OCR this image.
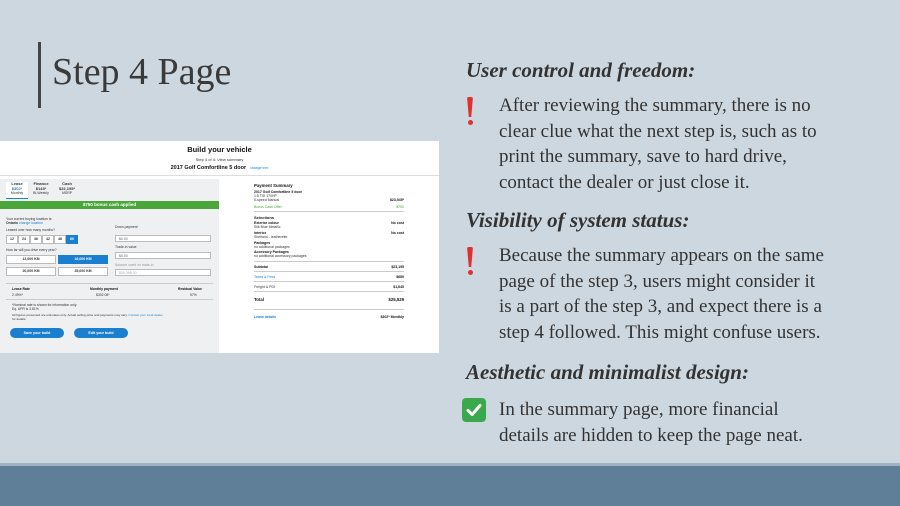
Step 4 Page
Build your vehicle
Step 4 of 4: View summary
2017 Golf Comfortline 5 door change trim
Lease
$302*
Monthly
Finance
$143*
Bi-Weekly
Cash
$22,195*
MSRP
$750 bonus cash applied
Your current buying location is:
Ontario change location
Leased over how many months?
12	24	36	42	48	60
Down payment
$0.00
How far will you drive every year?
12,000 KM	16,000 KM
20,000 KM	25,000 KM
Trade-in value
$0.00
Balance owed on trade-in
$25,398.00
Lease Rate
2.49%*
Monthly payment
$302.08*
Residual Value
57%
*Nominal rate is shown for information only.
Eq. APR is 3.81%
All figures presented are estimates only. Actual selling price and payments may vary. Contact your local dealer
for details.
Save your build	Edit your build
Payment Summary
2017 Golf Comfortline 5 door
1.8 TSI 170HP
5-speed Manual	$23,945*
Bonus Cash Offer	$750
Selections
Exterior colour	No cost
Silk Blue Metallic
Interior	No cost
Shetland - leatherette
Packages
no additional packages
Accessory Packages
no additional accessory packages
Subtotal	$23,195
Taxes & Fees	$689
Freight & PDI	$1,645
Total	$25,529
Lease details	$302* Monthly
User control and freedom:
After reviewing the summary, there is no
clear clue what the next step is, such as to
print the summary, save to hard drive,
contact the dealer or just close it.
Visibility of system status:
Because the summary appears on the same
page of the step 3, users might consider it
is a part of the step 3, and expect there is a
step 4 followed. This might confuse users.
Aesthetic and minimalist design:
In the summary page, more financial
details are hidden to keep the page neat.
